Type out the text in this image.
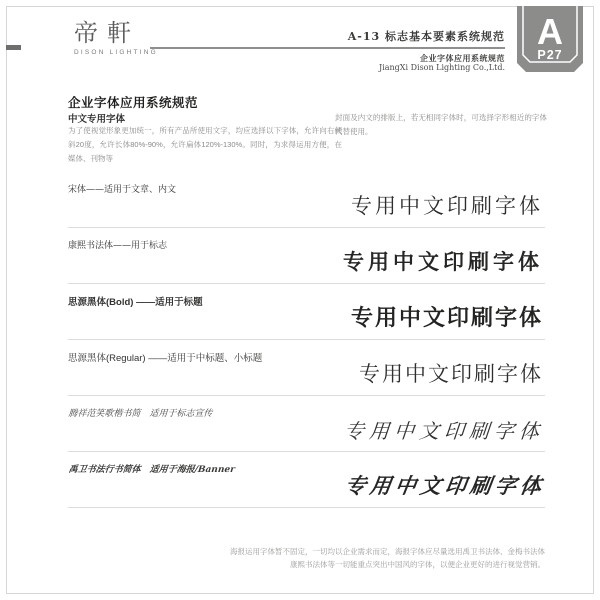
帝軒
DISON LIGHTING
A-13 标志基本要素系统规范
企业字体应用系统规范
JiangXi Dison Lighting Co.,Ltd.
A
P27
企业字体应用系统规范
中文专用字体
为了使视觉形象更加统一，所有产品所使用文字，均应选择以下字体，允许向右倾斜20度，允许长体80%-90%，允许扁体120%-130%。同时，为求得运用方便，在媒体、刊物等
封面及内文的排版上，若无相同字体时，可选择字形相近的字体代替使用。
宋体——适用于文章、内文
专用中文印刷字体
康熙书法体——用于标志
专用中文印刷字体
思源黑体(Bold) ——适用于标题
专用中文印刷字体
思源黑体(Regular) ——适用于中标题、小标题
专用中文印刷字体
腾祥范笑歌楷书简　适用于标志宣传
专用中文印刷字体
禹卫书法行书简体　适用于海报/Banner
专用中文印刷字体
海报运用字体暂不固定，一切均以企业需求而定，海报字体应尽量选用禹卫书法体、金梅书法体
康熙书法体等一切能重点突出中国风的字体，以便企业更好的进行视觉营销。
